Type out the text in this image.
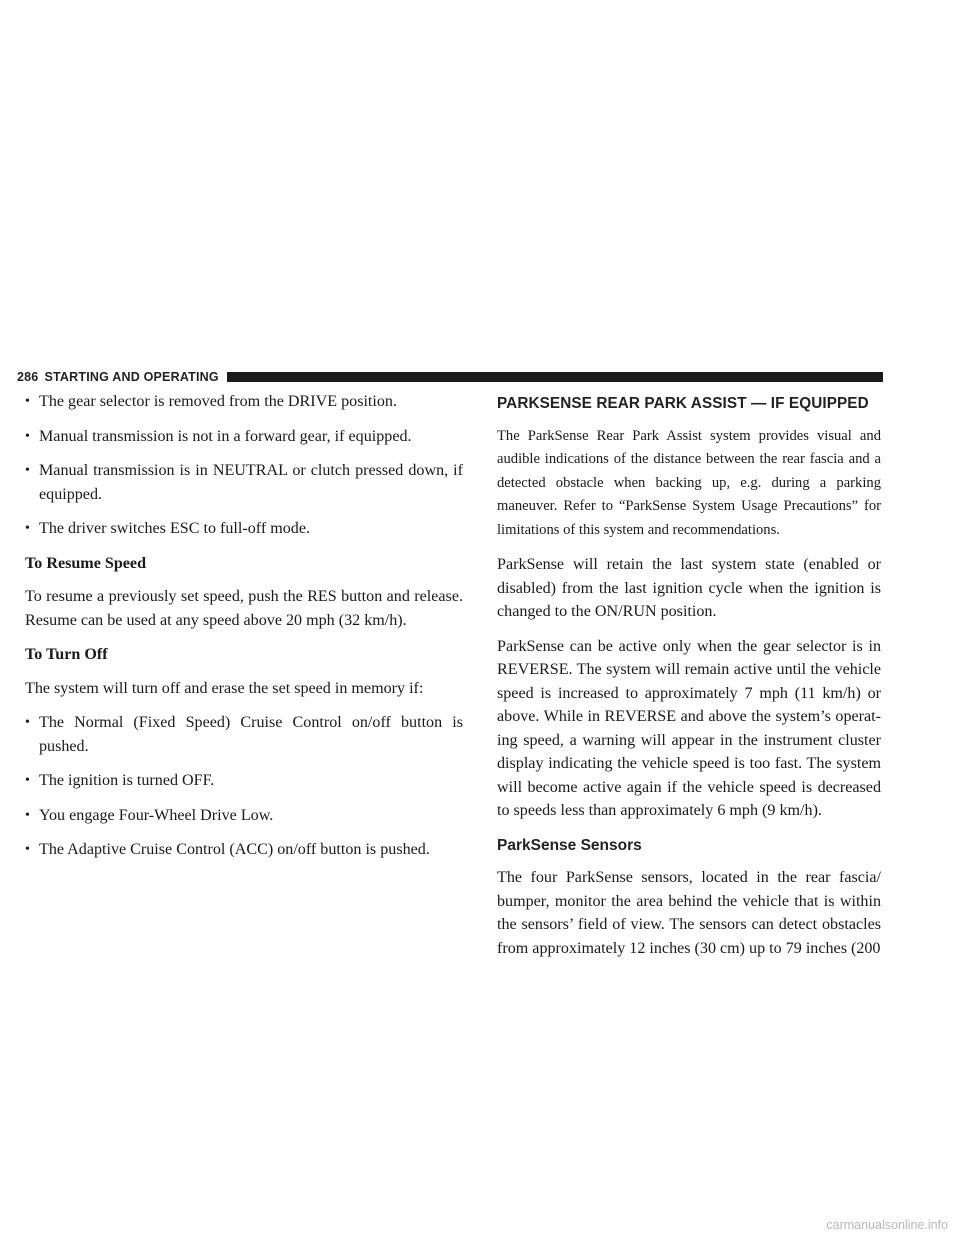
286 STARTING AND OPERATING
• The gear selector is removed from the DRIVE position.
• Manual transmission is not in a forward gear, if equipped.
• Manual transmission is in NEUTRAL or clutch pressed down, if equipped.
• The driver switches ESC to full-off mode.
To Resume Speed

To resume a previously set speed, push the RES button and release. Resume can be used at any speed above 20 mph (32 km/h).

To Turn Off

The system will turn off and erase the set speed in memory if:

• The Normal (Fixed Speed) Cruise Control on/off button is pushed.
• The ignition is turned OFF.
• You engage Four-Wheel Drive Low.
• The Adaptive Cruise Control (ACC) on/off button is pushed.
PARKSENSE REAR PARK ASSIST — IF EQUIPPED

The ParkSense Rear Park Assist system provides visual and audible indications of the distance between the rear fascia and a detected obstacle when backing up, e.g. during a parking maneuver. Refer to “ParkSense System Usage Precautions” for limitations of this system and recommendations.

ParkSense will retain the last system state (enabled or disabled) from the last ignition cycle when the ignition is changed to the ON/RUN position.

ParkSense can be active only when the gear selector is in REVERSE. The system will remain active until the vehicle speed is increased to approximately 7 mph (11 km/h) or above. While in REVERSE and above the system’s operat-ing speed, a warning will appear in the instrument cluster display indicating the vehicle speed is too fast. The system will become active again if the vehicle speed is decreased to speeds less than approximately 6 mph (9 km/h).

ParkSense Sensors

The four ParkSense sensors, located in the rear fascia/ bumper, monitor the area behind the vehicle that is within the sensors’ field of view. The sensors can detect obstacles from approximately 12 inches (30 cm) up to 79 inches (200

carmanualsonline.info
